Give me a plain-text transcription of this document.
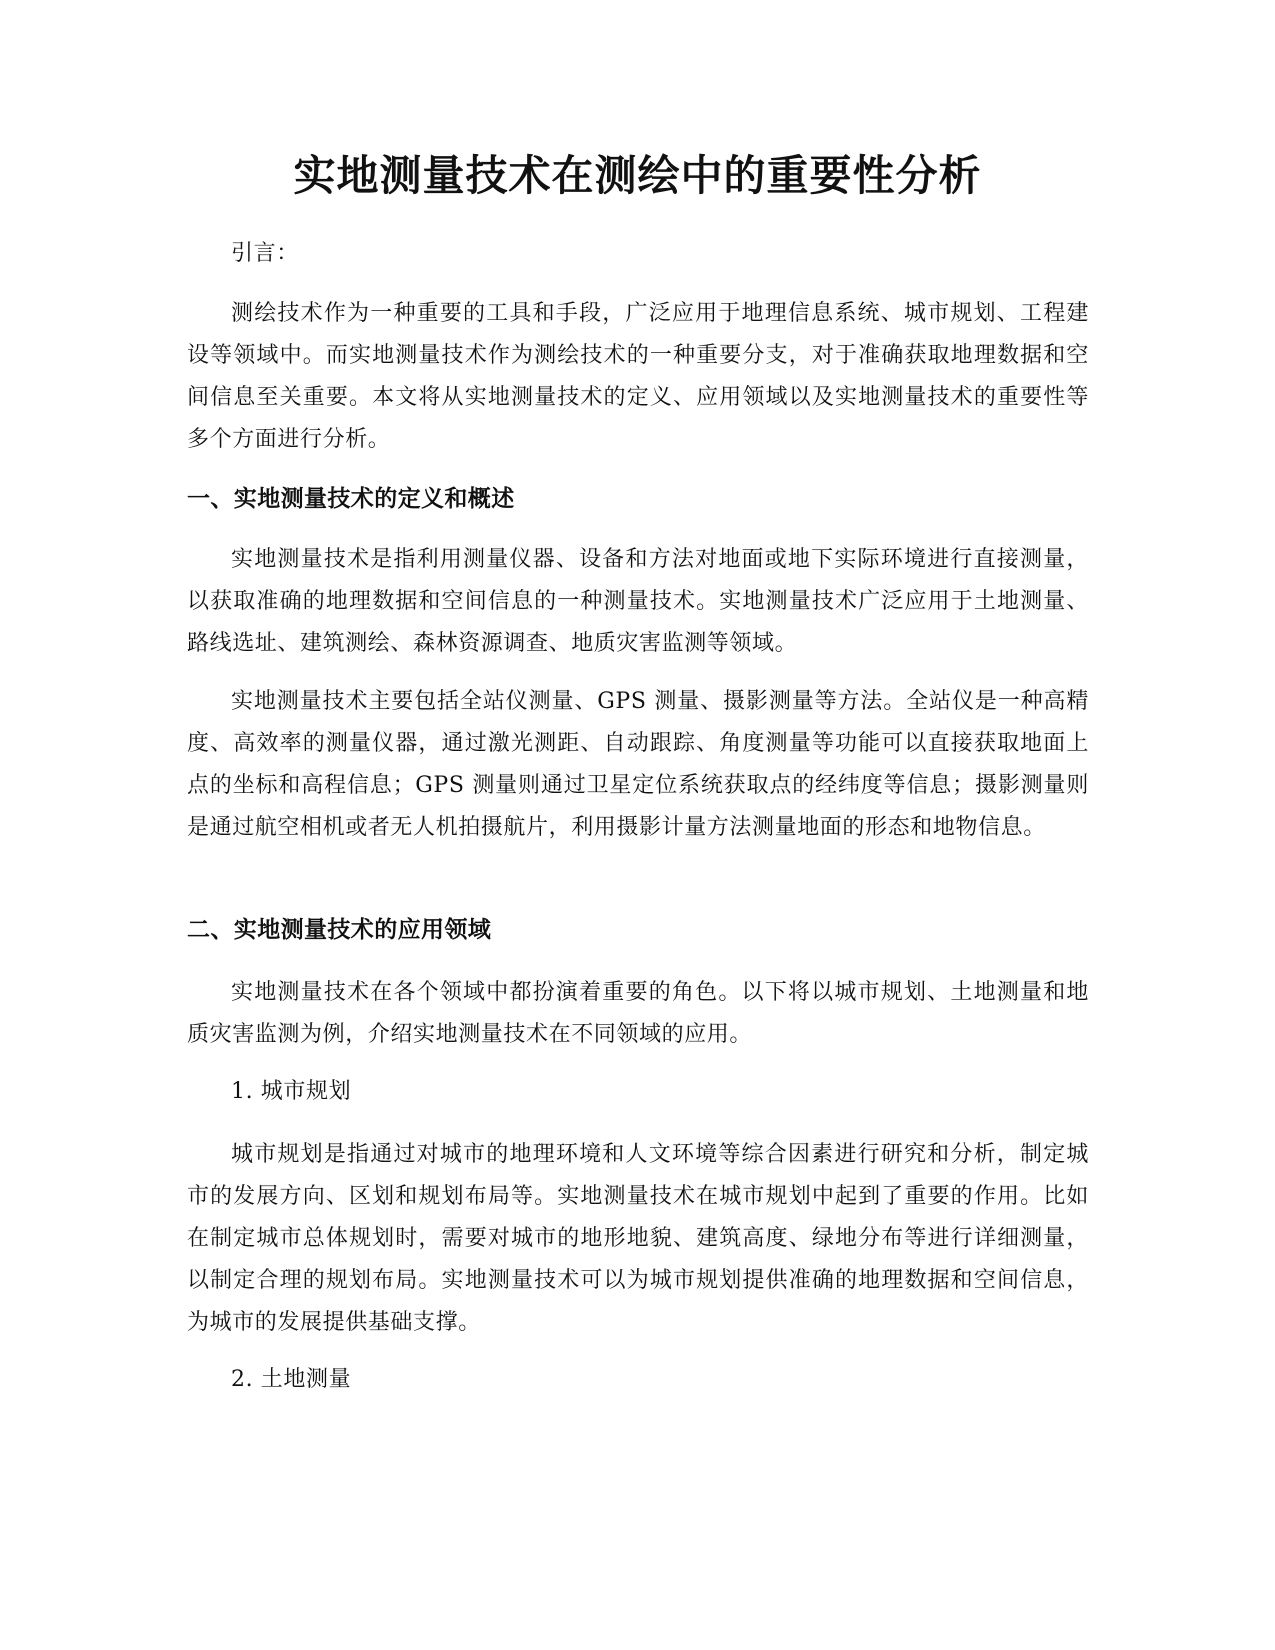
实地测量技术在测绘中的重要性分析

引言：

测绘技术作为一种重要的工具和手段，广泛应用于地理信息系统、城市规划、工程建设等领域中。而实地测量技术作为测绘技术的一种重要分支，对于准确获取地理数据和空间信息至关重要。本文将从实地测量技术的定义、应用领域以及实地测量技术的重要性等多个方面进行分析。

一、实地测量技术的定义和概述

实地测量技术是指利用测量仪器、设备和方法对地面或地下实际环境进行直接测量，以获取准确的地理数据和空间信息的一种测量技术。实地测量技术广泛应用于土地测量、路线选址、建筑测绘、森林资源调查、地质灾害监测等领域。

实地测量技术主要包括全站仪测量、GPS 测量、摄影测量等方法。全站仪是一种高精度、高效率的测量仪器，通过激光测距、自动跟踪、角度测量等功能可以直接获取地面上点的坐标和高程信息；GPS 测量则通过卫星定位系统获取点的经纬度等信息；摄影测量则是通过航空相机或者无人机拍摄航片，利用摄影计量方法测量地面的形态和地物信息。

二、实地测量技术的应用领域

实地测量技术在各个领域中都扮演着重要的角色。以下将以城市规划、土地测量和地质灾害监测为例，介绍实地测量技术在不同领域的应用。

1. 城市规划

城市规划是指通过对城市的地理环境和人文环境等综合因素进行研究和分析，制定城市的发展方向、区划和规划布局等。实地测量技术在城市规划中起到了重要的作用。比如在制定城市总体规划时，需要对城市的地形地貌、建筑高度、绿地分布等进行详细测量，以制定合理的规划布局。实地测量技术可以为城市规划提供准确的地理数据和空间信息，为城市的发展提供基础支撑。

2. 土地测量
